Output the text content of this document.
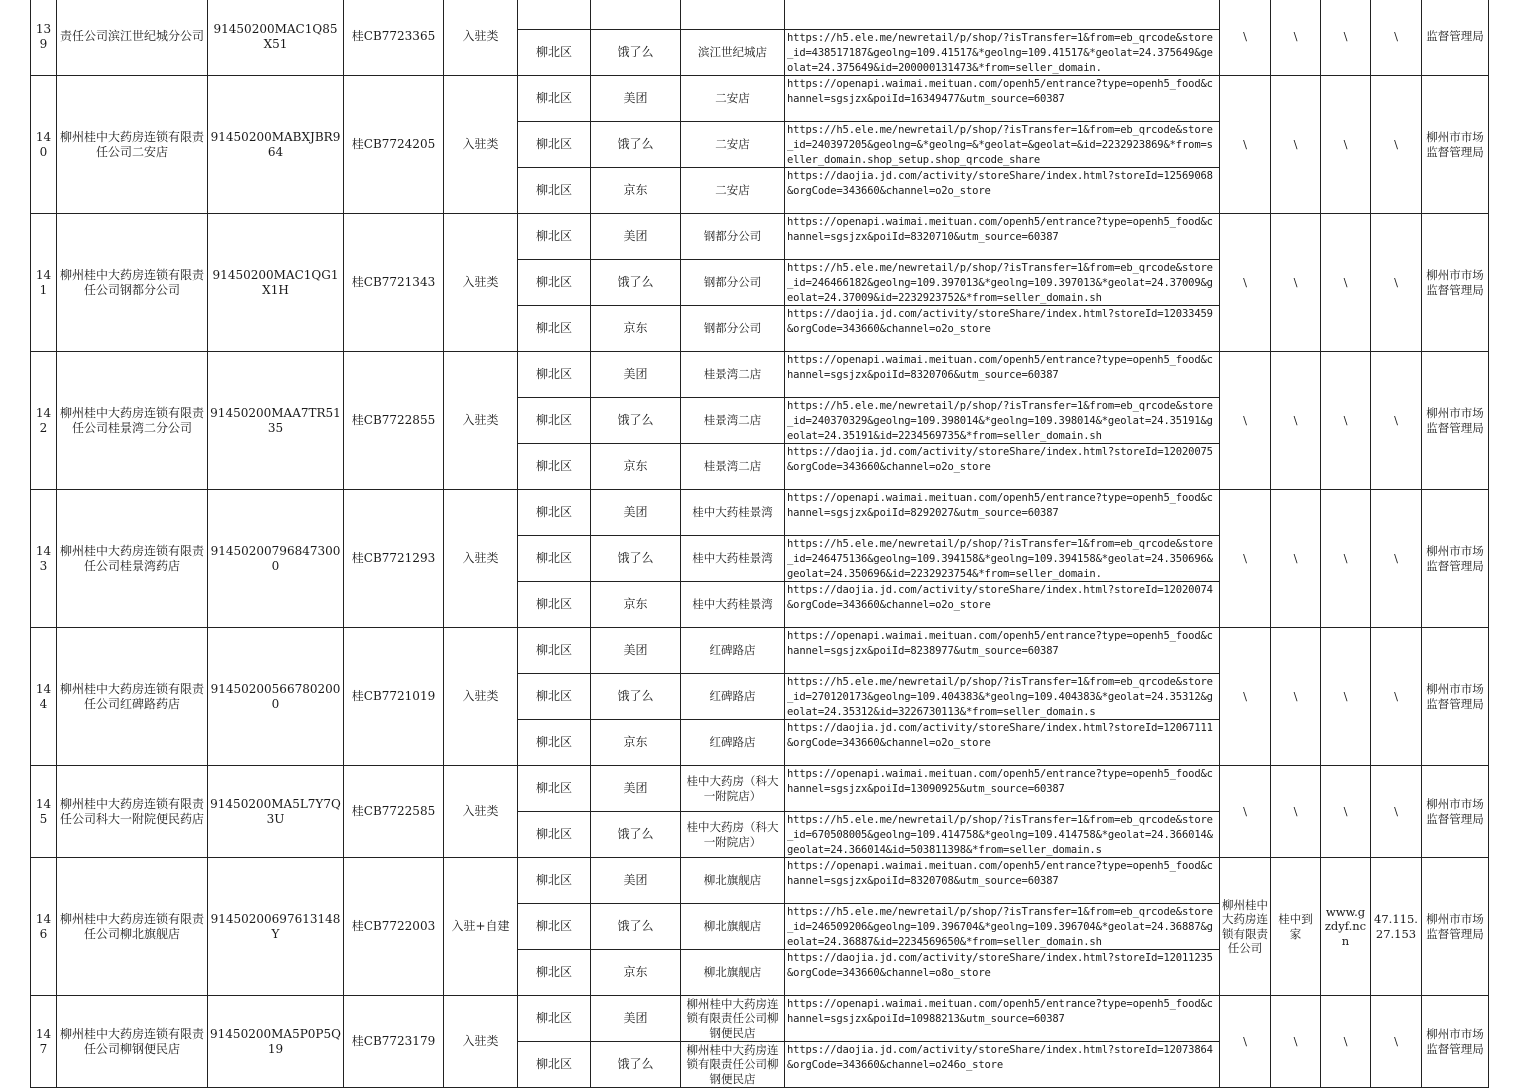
139	责任公司滨江世纪城分公司	91450200MAC1Q85X51	桂CB7723365	入驻类					\	\	\	\	监督管理局
					柳北区	饿了么	滨江世纪城店	https://h5.ele.me/newretail/p/shop/?isTransfer=1&from=eb_qrcode&store_id=438517187&geolng=109.41517&*geolng=109.41517&*geolat=24.375649&geolat=24.375649&id=200000131473&*from=seller_domain.					

140	柳州桂中大药房连锁有限责任公司二安店	91450200MABXJBR964	桂CB7724205	入驻类	柳北区	美团	二安店	https://openapi.waimai.meituan.com/openh5/entrance?type=openh5_food&channel=sgsjzx&poiId=16349477&utm_source=60387	\	\	\	\	柳州市市场监督管理局
					柳北区	饿了么	二安店	https://h5.ele.me/newretail/p/shop/?isTransfer=1&from=eb_qrcode&store_id=240397205&geolng=&*geolng=&*geolat=&geolat=&id=2232923869&*from=seller_domain.shop_setup.shop_qrcode_share					

					柳北区	京东	二安店	https://daojia.jd.com/activity/storeShare/index.html?storeId=12569068&orgCode=343660&channel=o2o_store					

141	柳州桂中大药房连锁有限责任公司钢都分公司	91450200MAC1QG1X1H	桂CB7721343	入驻类	柳北区	美团	钢都分公司	https://openapi.waimai.meituan.com/openh5/entrance?type=openh5_food&channel=sgsjzx&poiId=8320710&utm_source=60387	\	\	\	\	柳州市市场监督管理局
					柳北区	饿了么	钢都分公司	https://h5.ele.me/newretail/p/shop/?isTransfer=1&from=eb_qrcode&store_id=246466182&geolng=109.397013&*geolng=109.397013&*geolat=24.37009&geolat=24.37009&id=2232923752&*from=seller_domain.sh					

					柳北区	京东	钢都分公司	https://daojia.jd.com/activity/storeShare/index.html?storeId=12033459&orgCode=343660&channel=o2o_store					

142	柳州桂中大药房连锁有限责任公司桂景湾二分公司	91450200MAA7TR5135	桂CB7722855	入驻类	柳北区	美团	桂景湾二店	https://openapi.waimai.meituan.com/openh5/entrance?type=openh5_food&channel=sgsjzx&poiId=8320706&utm_source=60387	\	\	\	\	柳州市市场监督管理局
					柳北区	饿了么	桂景湾二店	https://h5.ele.me/newretail/p/shop/?isTransfer=1&from=eb_qrcode&store_id=240370329&geolng=109.398014&*geolng=109.398014&*geolat=24.35191&geolat=24.35191&id=2234569735&*from=seller_domain.sh					

					柳北区	京东	桂景湾二店	https://daojia.jd.com/activity/storeShare/index.html?storeId=12020075&orgCode=343660&channel=o2o_store					

143	柳州桂中大药房连锁有限责任公司桂景湾药店	914502007968473000	桂CB7721293	入驻类	柳北区	美团	桂中大药桂景湾	https://openapi.waimai.meituan.com/openh5/entrance?type=openh5_food&channel=sgsjzx&poiId=8292027&utm_source=60387	\	\	\	\	柳州市市场监督管理局
					柳北区	饿了么	桂中大药桂景湾	https://h5.ele.me/newretail/p/shop/?isTransfer=1&from=eb_qrcode&store_id=246475136&geolng=109.394158&*geolng=109.394158&*geolat=24.350696&geolat=24.350696&id=2232923754&*from=seller_domain.					

					柳北区	京东	桂中大药桂景湾	https://daojia.jd.com/activity/storeShare/index.html?storeId=12020074&orgCode=343660&channel=o2o_store					

144	柳州桂中大药房连锁有限责任公司红碑路药店	914502005667802000	桂CB7721019	入驻类	柳北区	美团	红碑路店	https://openapi.waimai.meituan.com/openh5/entrance?type=openh5_food&channel=sgsjzx&poiId=8238977&utm_source=60387	\	\	\	\	柳州市市场监督管理局
					柳北区	饿了么	红碑路店	https://h5.ele.me/newretail/p/shop/?isTransfer=1&from=eb_qrcode&store_id=270120173&geolng=109.404383&*geolng=109.404383&*geolat=24.35312&geolat=24.35312&id=3226730113&*from=seller_domain.s					

					柳北区	京东	红碑路店	https://daojia.jd.com/activity/storeShare/index.html?storeId=12067111&orgCode=343660&channel=o2o_store					

145	柳州桂中大药房连锁有限责任公司科大一附院便民药店	91450200MA5L7Y7Q3U	桂CB7722585	入驻类	柳北区	美团	桂中大药房（科大一附院店）	https://openapi.waimai.meituan.com/openh5/entrance?type=openh5_food&channel=sgsjzx&poiId=13090925&utm_source=60387	\	\	\	\	柳州市市场监督管理局
					柳北区	饿了么	桂中大药房（科大一附院店）	https://h5.ele.me/newretail/p/shop/?isTransfer=1&from=eb_qrcode&store_id=670508005&geolng=109.414758&*geolng=109.414758&*geolat=24.366014&geolat=24.366014&id=503811398&*from=seller_domain.s					

146	柳州桂中大药房连锁有限责任公司柳北旗舰店	91450200697613148Y	桂CB7722003	入驻+自建	柳北区	美团	柳北旗舰店	https://openapi.waimai.meituan.com/openh5/entrance?type=openh5_food&channel=sgsjzx&poiId=8320708&utm_source=60387	柳州桂中大药房连锁有限责任公司	桂中到家	www.gzdyf.ncn	47.115.27.153	柳州市市场监督管理局
					柳北区	饿了么	柳北旗舰店	https://h5.ele.me/newretail/p/shop/?isTransfer=1&from=eb_qrcode&store_id=246509206&geolng=109.396704&*geolng=109.396704&*geolat=24.36887&geolat=24.36887&id=2234569650&*from=seller_domain.sh					

					柳北区	京东	柳北旗舰店	https://daojia.jd.com/activity/storeShare/index.html?storeId=12011235&orgCode=343660&channel=o8o_store					

147	柳州桂中大药房连锁有限责任公司柳钢便民店	91450200MA5P0P5Q19	桂CB7723179	入驻类	柳北区	美团	柳州桂中大药房连锁有限责任公司柳钢便民店	https://openapi.waimai.meituan.com/openh5/entrance?type=openh5_food&channel=sgsjzx&poiId=10988213&utm_source=60387	\	\	\	\	柳州市市场监督管理局
					柳北区	饿了么	柳州桂中大药房连锁有限责任公司柳钢便民店	https://daojia.jd.com/activity/storeShare/index.html?storeId=12073864&orgCode=343660&channel=o246o_store					
